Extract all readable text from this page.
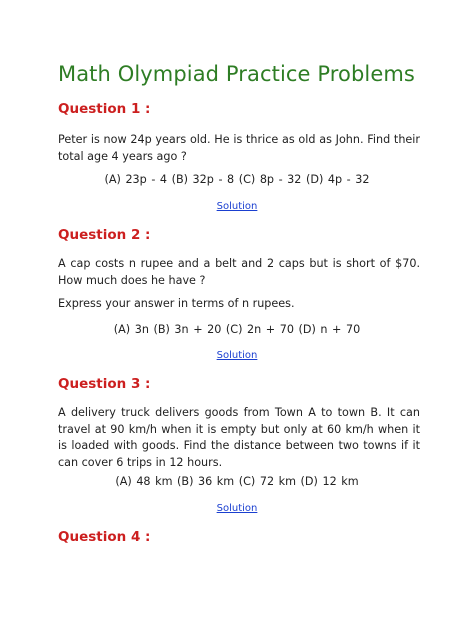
Math Olympiad Practice Problems
Question 1 :
Peter is now 24p years old. He is thrice as old as John. Find their total age 4 years ago ?
(A) 23p - 4 (B) 32p - 8 (C) 8p - 32 (D) 4p - 32
Solution
Question 2 :
A cap costs n rupee and a belt and 2 caps but is short of $70. How much does he have ?
Express your answer in terms of n rupees.
(A) 3n (B) 3n + 20 (C) 2n + 70 (D) n + 70
Solution
Question 3 :
A delivery truck delivers goods from Town A to town B. It can travel at 90 km/h when it is empty but only at 60 km/h when it is loaded with goods. Find the distance between two towns if it can cover 6 trips in 12 hours.
(A) 48 km (B) 36 km (C) 72 km (D) 12 km
Solution
Question 4 :
